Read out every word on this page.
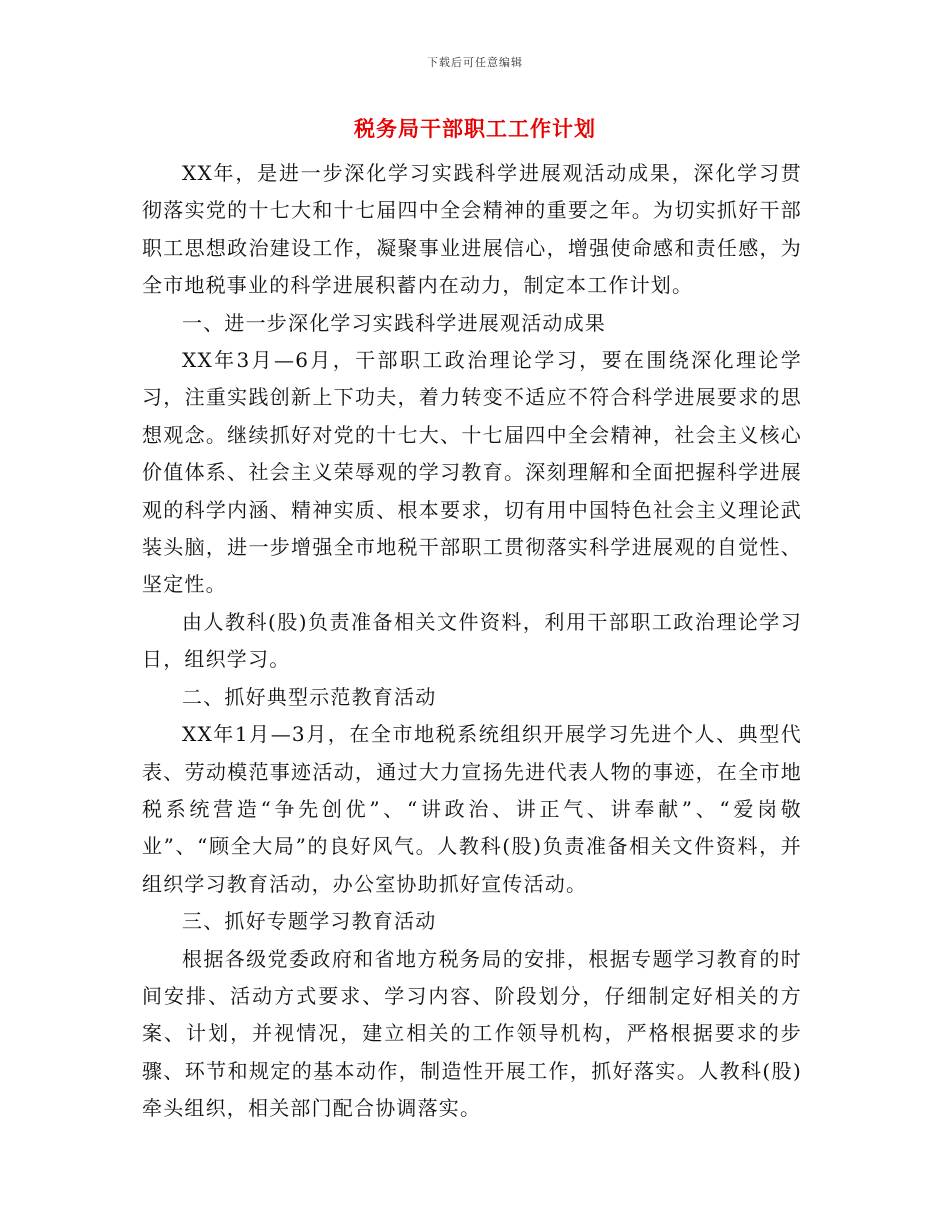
下载后可任意编辑
税务局干部职工工作计划

XX年，是进一步深化学习实践科学进展观活动成果，深化学习贯彻落实党的十七大和十七届四中全会精神的重要之年。为切实抓好干部职工思想政治建设工作，凝聚事业进展信心，增强使命感和责任感，为全市地税事业的科学进展积蓄内在动力，制定本工作计划。

一、进一步深化学习实践科学进展观活动成果

XX年3月—6月，干部职工政治理论学习，要在围绕深化理论学习，注重实践创新上下功夫，着力转变不适应不符合科学进展要求的思想观念。继续抓好对党的十七大、十七届四中全会精神，社会主义核心价值体系、社会主义荣辱观的学习教育。深刻理解和全面把握科学进展观的科学内涵、精神实质、根本要求，切有用中国特色社会主义理论武装头脑，进一步增强全市地税干部职工贯彻落实科学进展观的自觉性、坚定性。

由人教科(股)负责准备相关文件资料，利用干部职工政治理论学习日，组织学习。

二、抓好典型示范教育活动

XX年1月—3月，在全市地税系统组织开展学习先进个人、典型代表、劳动模范事迹活动，通过大力宣扬先进代表人物的事迹，在全市地税系统营造“争先创优”、“讲政治、讲正气、讲奉献”、“爱岗敬业”、“顾全大局”的良好风气。人教科(股)负责准备相关文件资料，并组织学习教育活动，办公室协助抓好宣传活动。

三、抓好专题学习教育活动

根据各级党委政府和省地方税务局的安排，根据专题学习教育的时间安排、活动方式要求、学习内容、阶段划分，仔细制定好相关的方案、计划，并视情况，建立相关的工作领导机构，严格根据要求的步骤、环节和规定的基本动作，制造性开展工作，抓好落实。人教科(股)牵头组织，相关部门配合协调落实。
